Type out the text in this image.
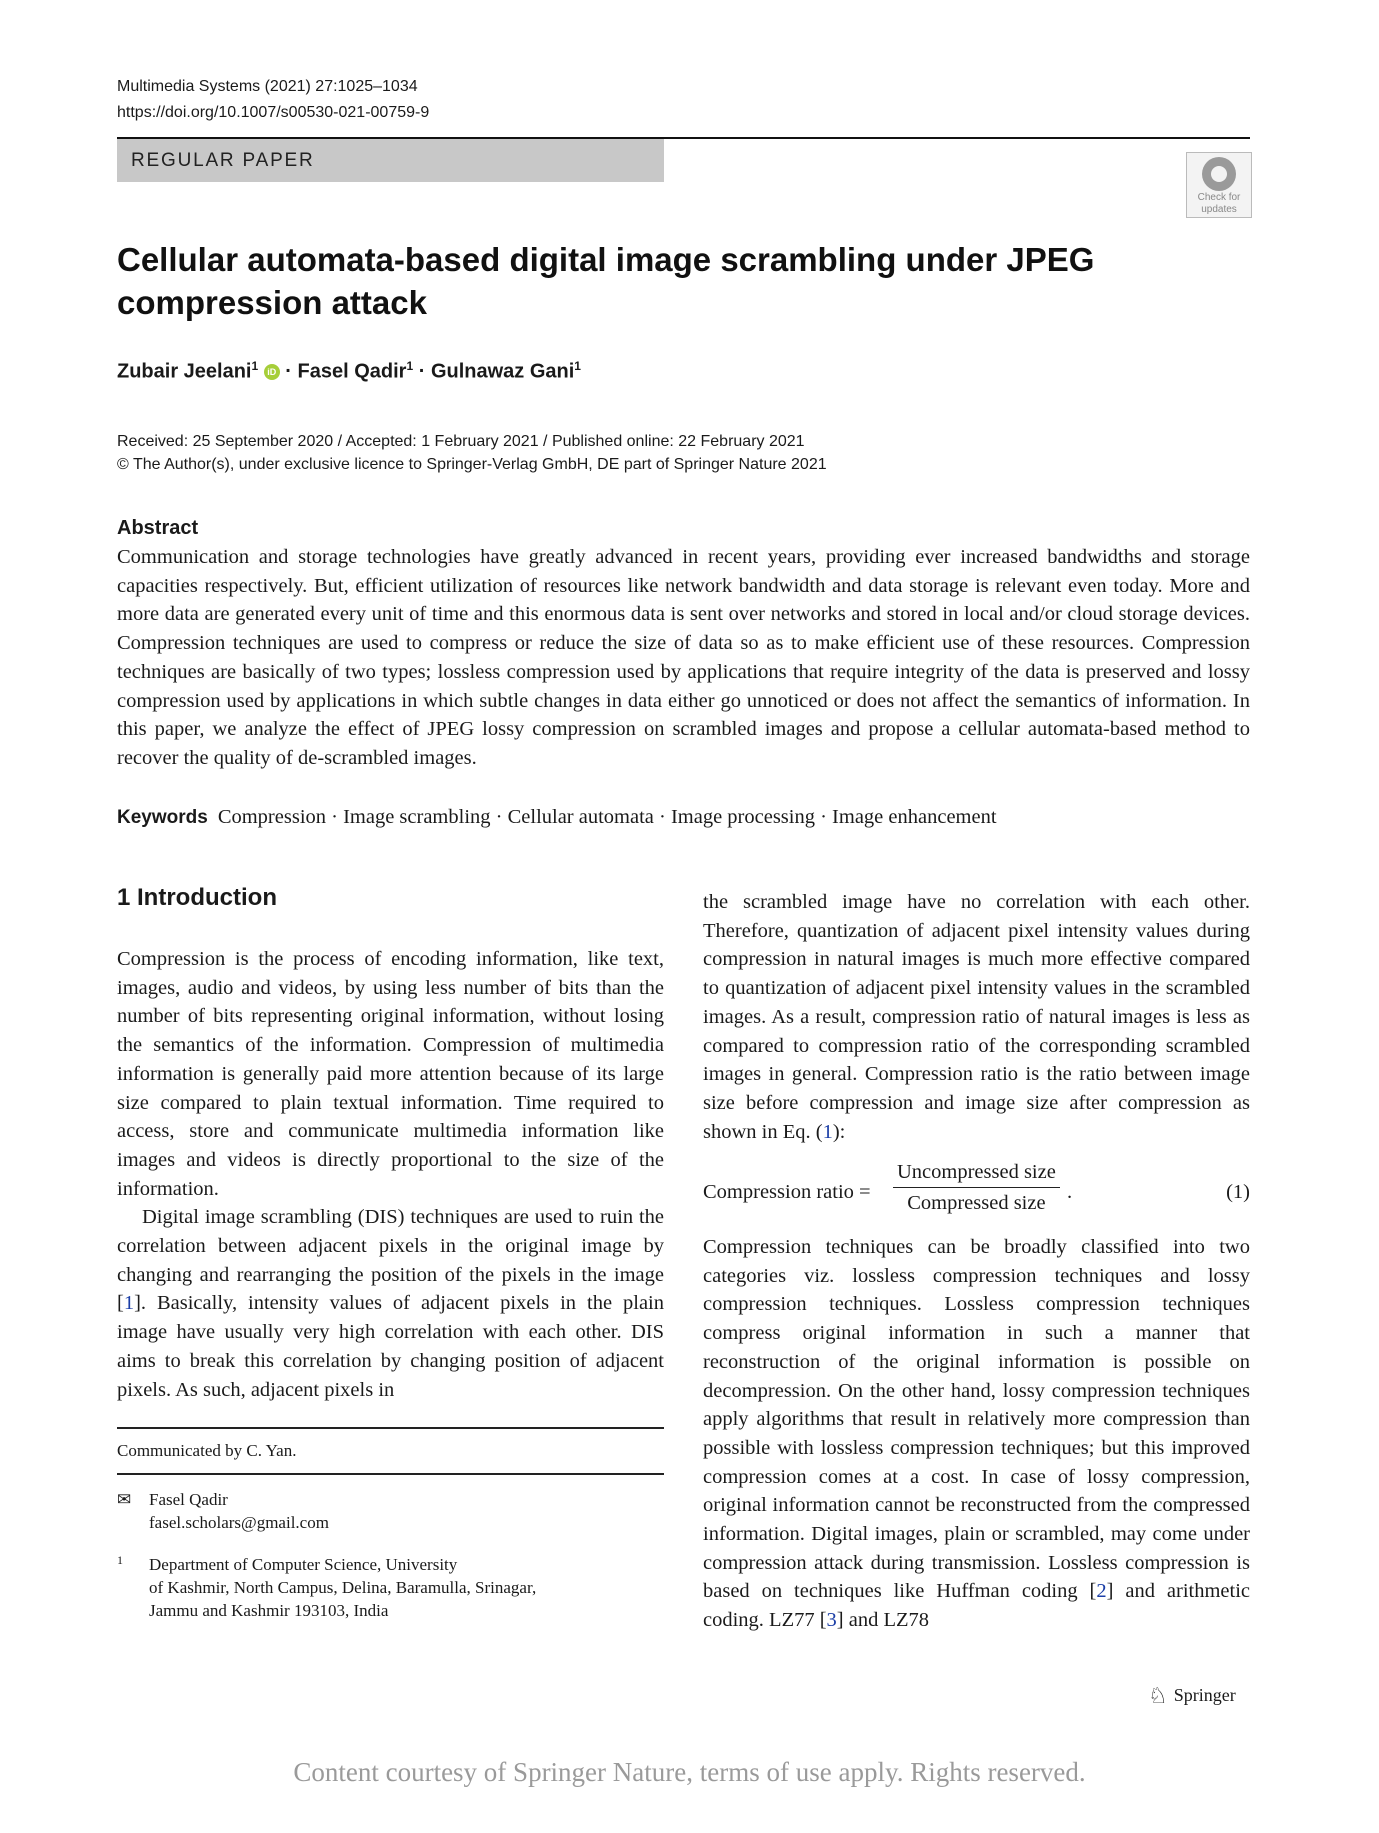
Multimedia Systems (2021) 27:1025–1034
https://doi.org/10.1007/s00530-021-00759-9
REGULAR PAPER
Check for
updates
Cellular automata-based digital image scrambling under JPEG
compression attack
Zubair Jeelani$^1$ iD · Fasel Qadir$^1$ · Gulnawaz Gani$^1$
Received: 25 September 2020 / Accepted: 1 February 2021 / Published online: 22 February 2021
© The Author(s), under exclusive licence to Springer-Verlag GmbH, DE part of Springer Nature 2021
Abstract
Communication and storage technologies have greatly advanced in recent years, providing ever increased bandwidths and storage capacities respectively. But, efficient utilization of resources like network bandwidth and data storage is relevant even today. More and more data are generated every unit of time and this enormous data is sent over networks and stored in local and/or cloud storage devices. Compression techniques are used to compress or reduce the size of data so as to make efficient use of these resources. Compression techniques are basically of two types; lossless compression used by applications that require integrity of the data is preserved and lossy compression used by applications in which subtle changes in data either go unnoticed or does not affect the semantics of information. In this paper, we analyze the effect of JPEG lossy compression on scrambled images and propose a cellular automata-based method to recover the quality of de-scrambled images.
Keywords Compression · Image scrambling · Cellular automata · Image processing · Image enhancement
1 Introduction

Compression is the process of encoding information, like text, images, audio and videos, by using less number of bits than the number of bits representing original information, without losing the semantics of the information. Compression of multimedia information is generally paid more attention because of its large size compared to plain textual information. Time required to access, store and communicate multimedia information like images and videos is directly proportional to the size of the information.

Digital image scrambling (DIS) techniques are used to ruin the correlation between adjacent pixels in the original image by changing and rearranging the position of the pixels in the image [1]. Basically, intensity values of adjacent pixels in the plain image have usually very high correlation with each other. DIS aims to break this correlation by changing position of adjacent pixels. As such, adjacent pixels in

the scrambled image have no correlation with each other. Therefore, quantization of adjacent pixel intensity values during compression in natural images is much more effective compared to quantization of adjacent pixel intensity values in the scrambled images. As a result, compression ratio of natural images is less as compared to compression ratio of the corresponding scrambled images in general. Compression ratio is the ratio between image size before compression and image size after compression as shown in Eq. (1):

Compression ratio =
Uncompressed size
Compressed size	.	(1)

Compression techniques can be broadly classified into two categories viz. lossless compression techniques and lossy compression techniques. Lossless compression techniques compress original information in such a manner that reconstruction of the original information is possible on decompression. On the other hand, lossy compression techniques apply algorithms that result in relatively more compression than possible with lossless compression techniques; but this improved compression comes at a cost. In case of lossy compression, original information cannot be reconstructed from the compressed information. Digital images, plain or scrambled, may come under compression attack during transmission. Lossless compression is based on techniques like Huffman coding [2] and arithmetic coding. LZ77 [3] and LZ78

Communicated by C. Yan.
✉ Fasel Qadir
fasel.scholars@gmail.com
1 Department of Computer Science, University
of Kashmir, North Campus, Delina, Baramulla, Srinagar,
Jammu and Kashmir 193103, India
♘ Springer
Content courtesy of Springer Nature, terms of use apply. Rights reserved.
